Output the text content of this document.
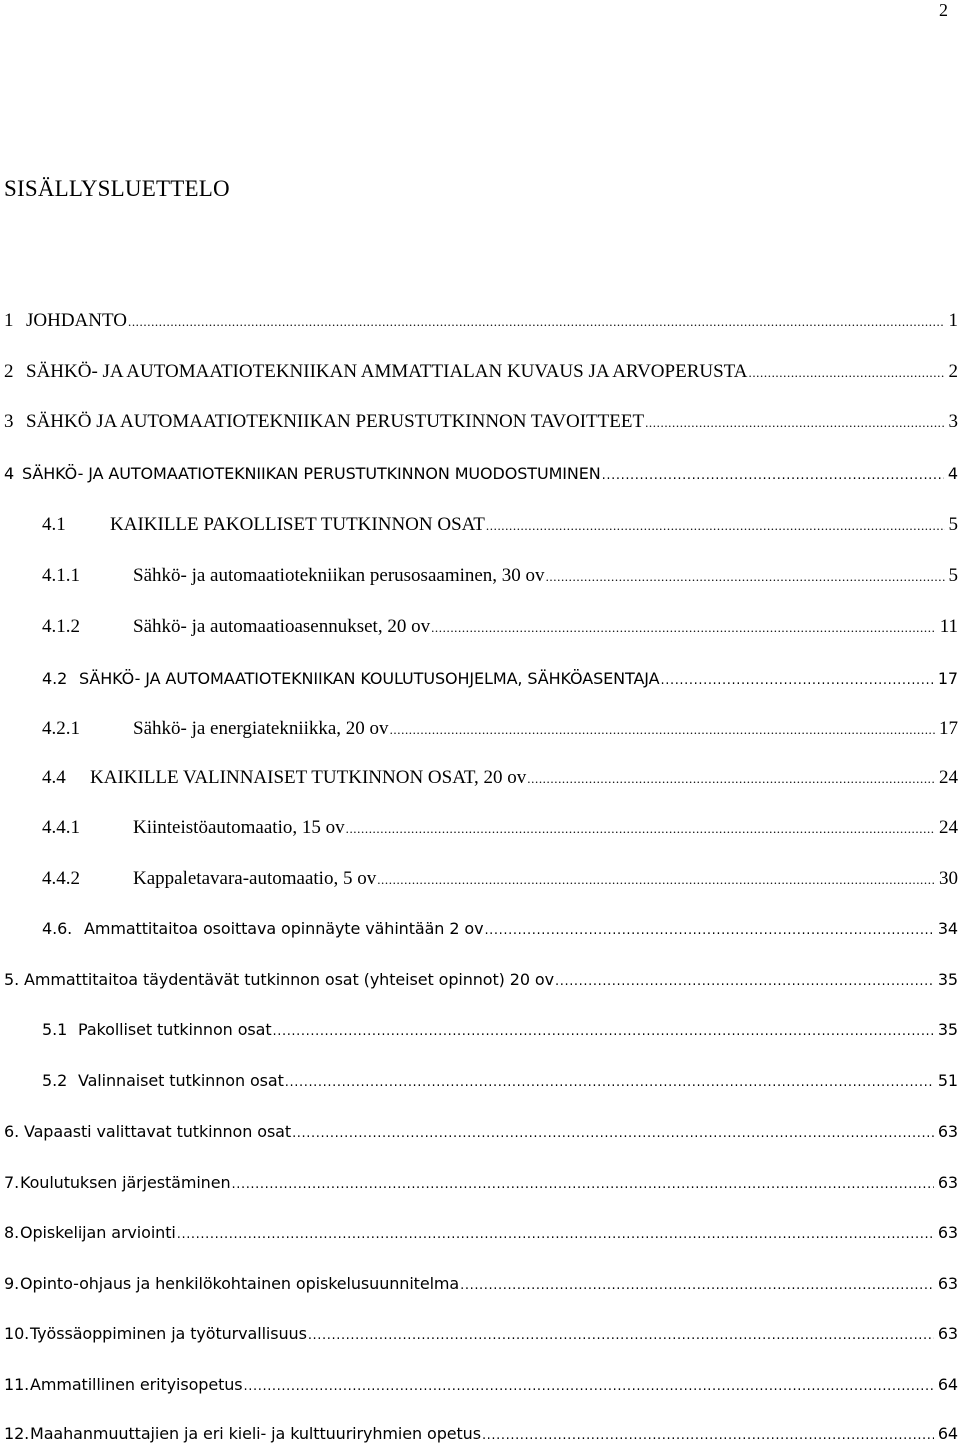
2
SISÄLLYSLUETTELO
1 JOHDANTO .....	1
2 SÄHKÖ- JA AUTOMAATIOTEKNIIKAN AMMATTIALAN KUVAUS JA ARVOPERUSTA .....	2
3 SÄHKÖ JA AUTOMAATIOTEKNIIKAN PERUSTUTKINNON TAVOITTEET .....	3
4 SÄHKÖ- JA AUTOMAATIOTEKNIIKAN PERUSTUTKINNON MUODOSTUMINEN .....	4
4.1	KAIKILLE PAKOLLISET TUTKINNON OSAT .....	5
4.1.1	Sähkö- ja automaatiotekniikan perusosaaminen, 30 ov .....	5
4.1.2	Sähkö- ja automaatioasennukset, 20 ov .....	11
4.2 SÄHKÖ- JA AUTOMAATIOTEKNIIKAN KOULUTUSOHJELMA, SÄHKÖASENTAJA .....	17
4.2.1	Sähkö- ja energiatekniikka, 20 ov .....	17
4.4	KAIKILLE VALINNAISET TUTKINNON OSAT, 20 ov .....	24
4.4.1	Kiinteistöautomaatio, 15 ov .....	24
4.4.2	Kappaletavara-automaatio, 5 ov .....	30
4.6. Ammattitaitoa osoittava opinnäyte vähintään 2 ov .....	34
5. Ammattitaitoa täydentävät tutkinnon osat (yhteiset opinnot) 20 ov .....	35
5.1 Pakolliset tutkinnon osat .....	35
5.2 Valinnaiset tutkinnon osat .....	51
6. Vapaasti valittavat tutkinnon osat .....	63
7. Koulutuksen järjestäminen .....	63
8. Opiskelijan arviointi .....	63
9. Opinto-ohjaus ja henkilökohtainen opiskelusuunnitelma .....	63
10. Työssäoppiminen ja työturvallisuus .....	63
11. Ammatillinen erityisopetus .....	64
12. Maahanmuuttajien ja eri kieli- ja kulttuuriryhmien opetus .....	64
